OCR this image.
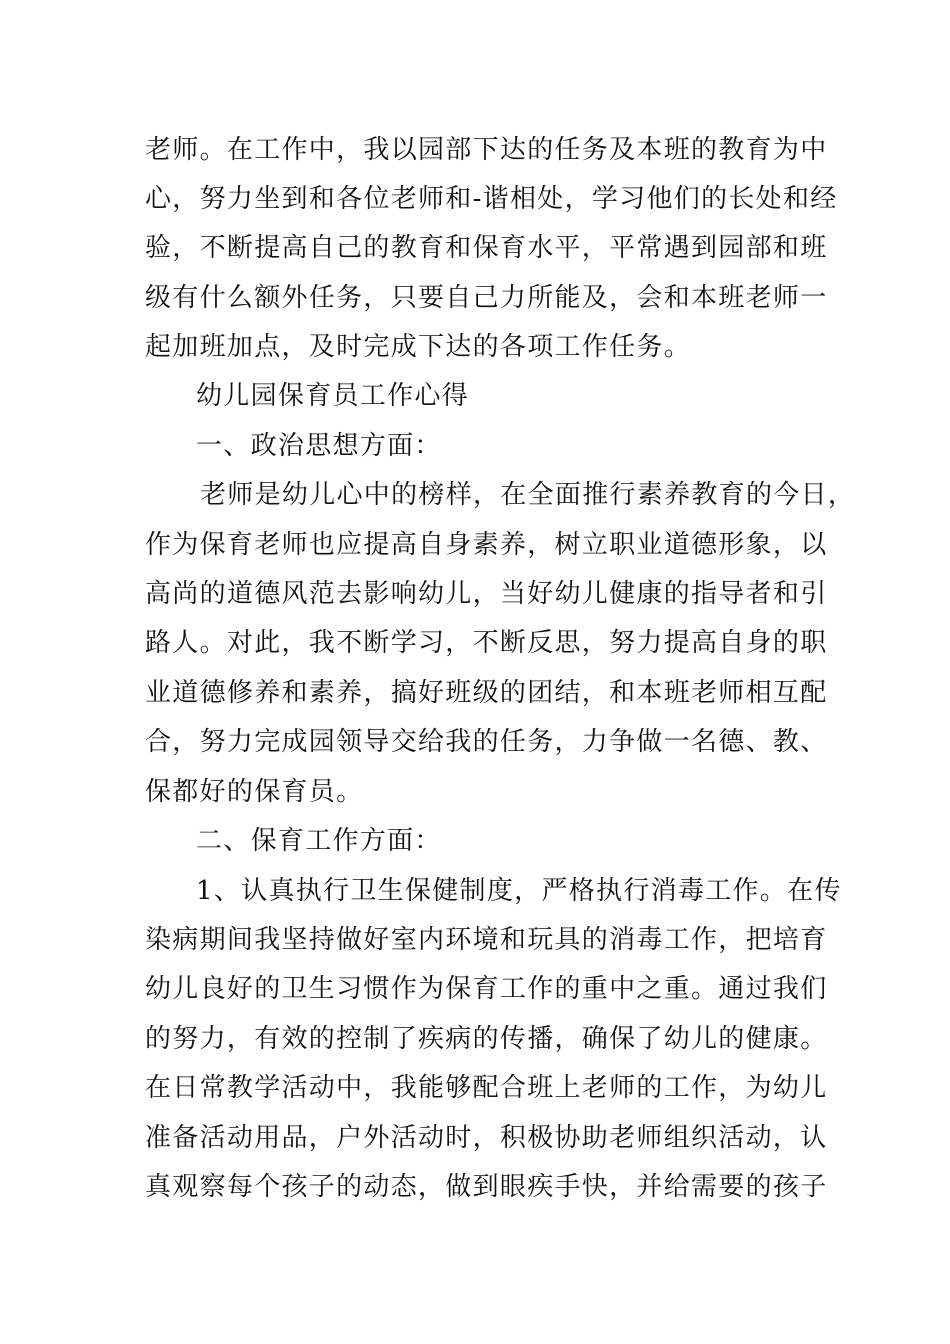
老师。在工作中，我以园部下达的任务及本班的教育为中

心，努力坐到和各位老师和-谐相处，学习他们的长处和经

验，不断提高自己的教育和保育水平，平常遇到园部和班

级有什么额外任务，只要自己力所能及，会和本班老师一

起加班加点，及时完成下达的各项工作任务。

幼儿园保育员工作心得

一、政治思想方面：

老师是幼儿心中的榜样，在全面推行素养教育的今日，

作为保育老师也应提高自身素养，树立职业道德形象，以

高尚的道德风范去影响幼儿，当好幼儿健康的指导者和引

路人。对此，我不断学习，不断反思，努力提高自身的职

业道德修养和素养，搞好班级的团结，和本班老师相互配

合，努力完成园领导交给我的任务，力争做一名德、教、

保都好的保育员。

二、保育工作方面：

1、认真执行卫生保健制度，严格执行消毒工作。在传

染病期间我坚持做好室内环境和玩具的消毒工作，把培育

幼儿良好的卫生习惯作为保育工作的重中之重。通过我们

的努力，有效的控制了疾病的传播，确保了幼儿的健康。

在日常教学活动中，我能够配合班上老师的工作，为幼儿

准备活动用品，户外活动时，积极协助老师组织活动，认

真观察每个孩子的动态，做到眼疾手快，并给需要的孩子
